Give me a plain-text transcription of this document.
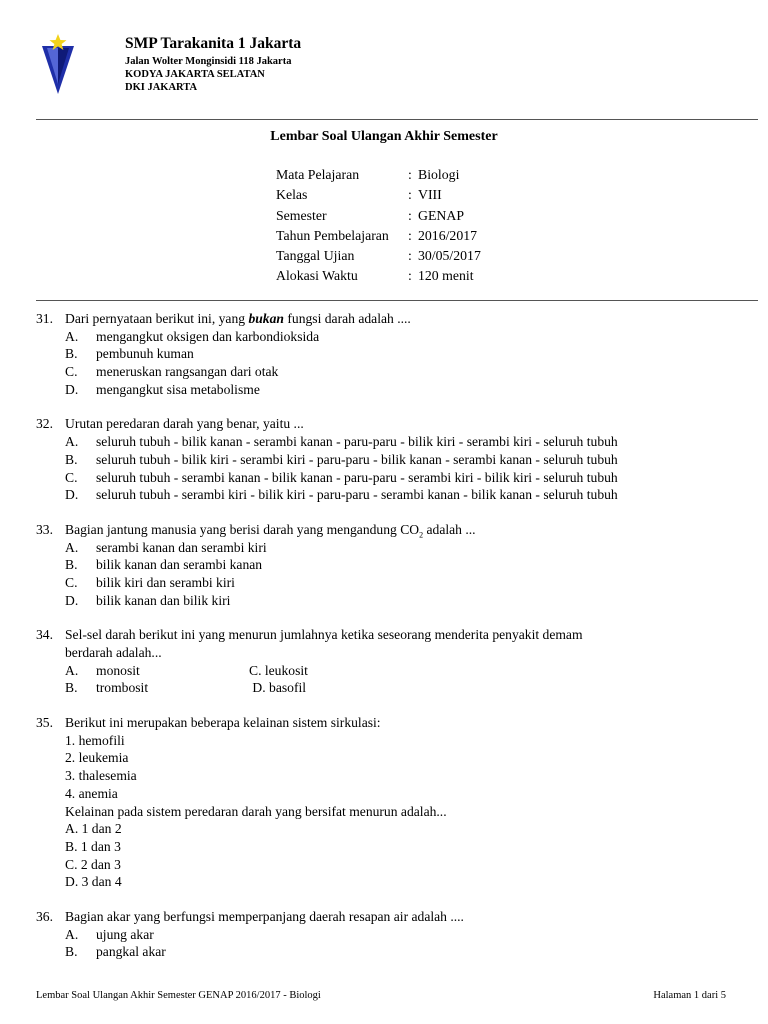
SMP Tarakanita 1 Jakarta
Jalan Wolter Monginsidi 118 Jakarta
KODYA JAKARTA SELATAN
DKI JAKARTA
Lembar Soal Ulangan Akhir Semester
Mata Pelajaran	: Biologi
Kelas	: VIII
Semester	: GENAP
Tahun Pembelajaran : 2016/2017
Tanggal Ujian	: 30/05/2017
Alokasi Waktu	: 120 menit
31. Dari pernyataan berikut ini, yang bukan fungsi darah adalah ....
A. mengangkut oksigen dan karbondioksida
B. pembunuh kuman
C. meneruskan rangsangan dari otak
D. mengangkut sisa metabolisme
32. Urutan peredaran darah yang benar, yaitu ...
A. seluruh tubuh - bilik kanan - serambi kanan - paru-paru - bilik kiri - serambi kiri - seluruh tubuh
B. seluruh tubuh - bilik kiri - serambi kiri - paru-paru - bilik kanan - serambi kanan - seluruh tubuh
C. seluruh tubuh - serambi kanan - bilik kanan - paru-paru - serambi kiri - bilik kiri - seluruh tubuh
D. seluruh tubuh - serambi kiri - bilik kiri - paru-paru - serambi kanan - bilik kanan - seluruh tubuh
33. Bagian jantung manusia yang berisi darah yang mengandung $CO_2$ adalah ...
A. serambi kanan dan serambi kiri
B. bilik kanan dan serambi kanan
C. bilik kiri dan serambi kiri
D. bilik kanan dan bilik kiri
34. Sel-sel darah berikut ini yang menurun jumlahnya ketika seseorang menderita penyakit demam
berdarah adalah...
A. monosit	C. leukosit
B. trombosit	D. basofil
35. Berikut ini merupakan beberapa kelainan sistem sirkulasi:
1. hemofili
2. leukemia
3. thalesemia
4. anemia
Kelainan pada sistem peredaran darah yang bersifat menurun adalah...
A. 1 dan 2
B. 1 dan 3
C. 2 dan 3
D. 3 dan 4
36. Bagian akar yang berfungsi memperpanjang daerah resapan air adalah ....
A. ujung akar
B. pangkal akar
Lembar Soal Ulangan Akhir Semester GENAP 2016/2017 - Biologi	Halaman 1 dari 5
